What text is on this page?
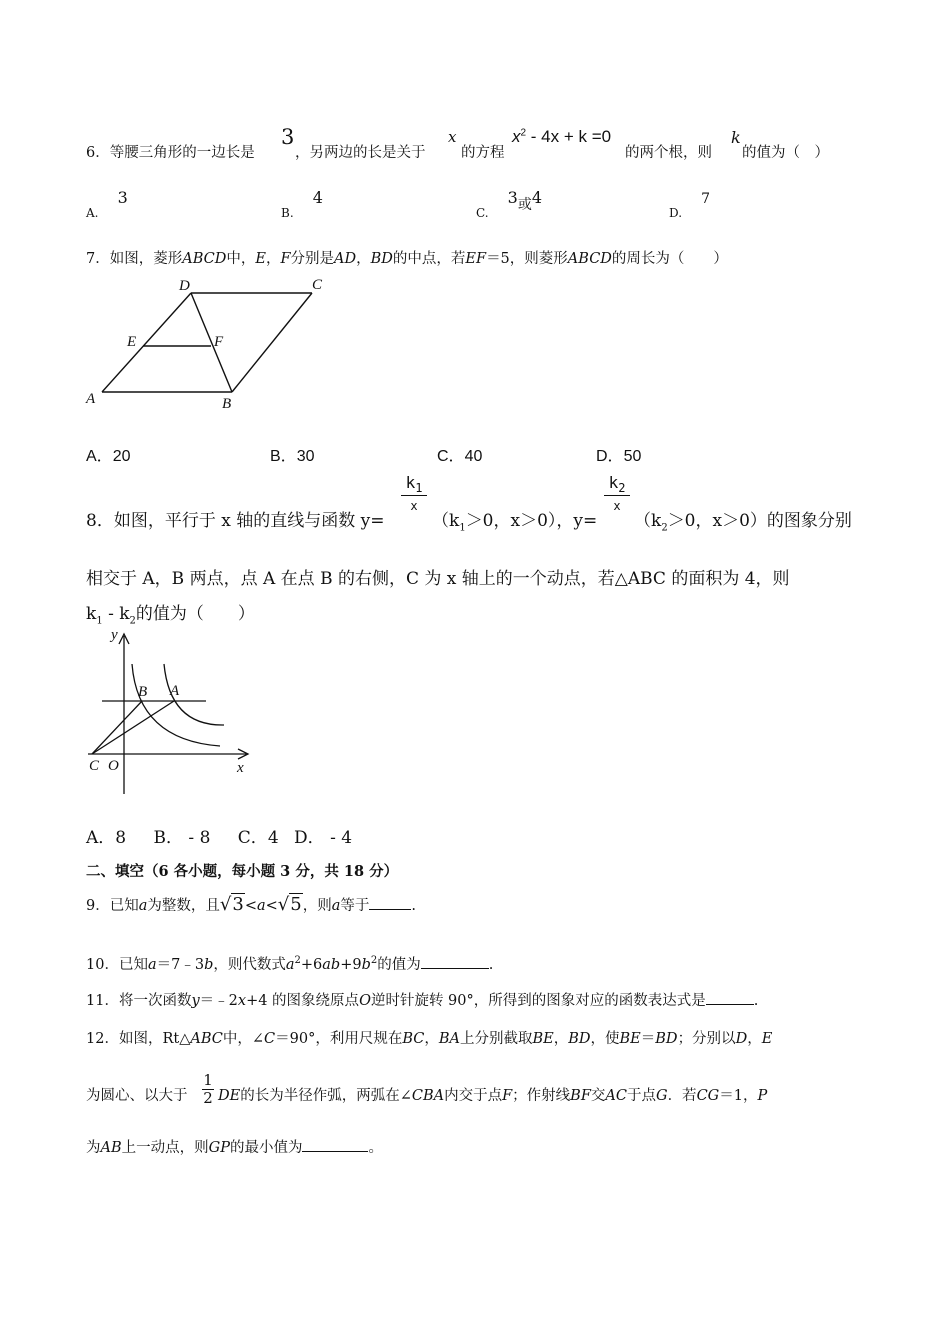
6．等腰三角形的一边长是
3
，另两边的长是关于
x
的方程
$x^2 - 4x + k =0$
的两个根，则
k
的值为（　）
$_{A.}$ 3
$_{B.}$ 4
$_{C.}$ 3或4
$_{D.}$ 7
7．如图，菱形ABCD中，E，F分别是AD，BD的中点，若EF＝5，则菱形ABCD的周长为（　　）
A	B
C
D
E	F
A．20	B．30	C．40	D．50
8．如图，平行于 x 轴的直线与函数 y=
$k_1$
x
（$k_1>0$，x＞0），y=
$k_2$
x
（$k_2>0$，x＞0）的图象分别
相交于 A，B 两点，点 A 在点 B 的右侧，C 为 x 轴上的一个动点，若△ABC 的面积为 4，则
$k_1 - k_2$的值为（　　）
y
x
B A
C O
A．8 B． - 8 C．4 D． - 4
二、填空（6 各小题，每小题 3 分，共 18 分）
9．已知a为整数，且√3<a<√5，则a等于	.
10．已知a＝7﹣3b，则代数式$a^2+6ab+9b^2$的值为	.
11．将一次函数y＝﹣2x+4 的图象绕原点O逆时针旋转 90°，所得到的图象对应的函数表达式是	.
12．如图，Rt△ABC中，∠C＝90°，利用尺规在BC，BA上分别截取BE，BD，使BE＝BD；分别以D，E
为圆心、以大于
1
2 DE的长为半径作弧，两弧在∠CBA内交于点F；作射线BF交AC于点G．若CG＝1，P
为AB上一动点，则GP的最小值为	。
